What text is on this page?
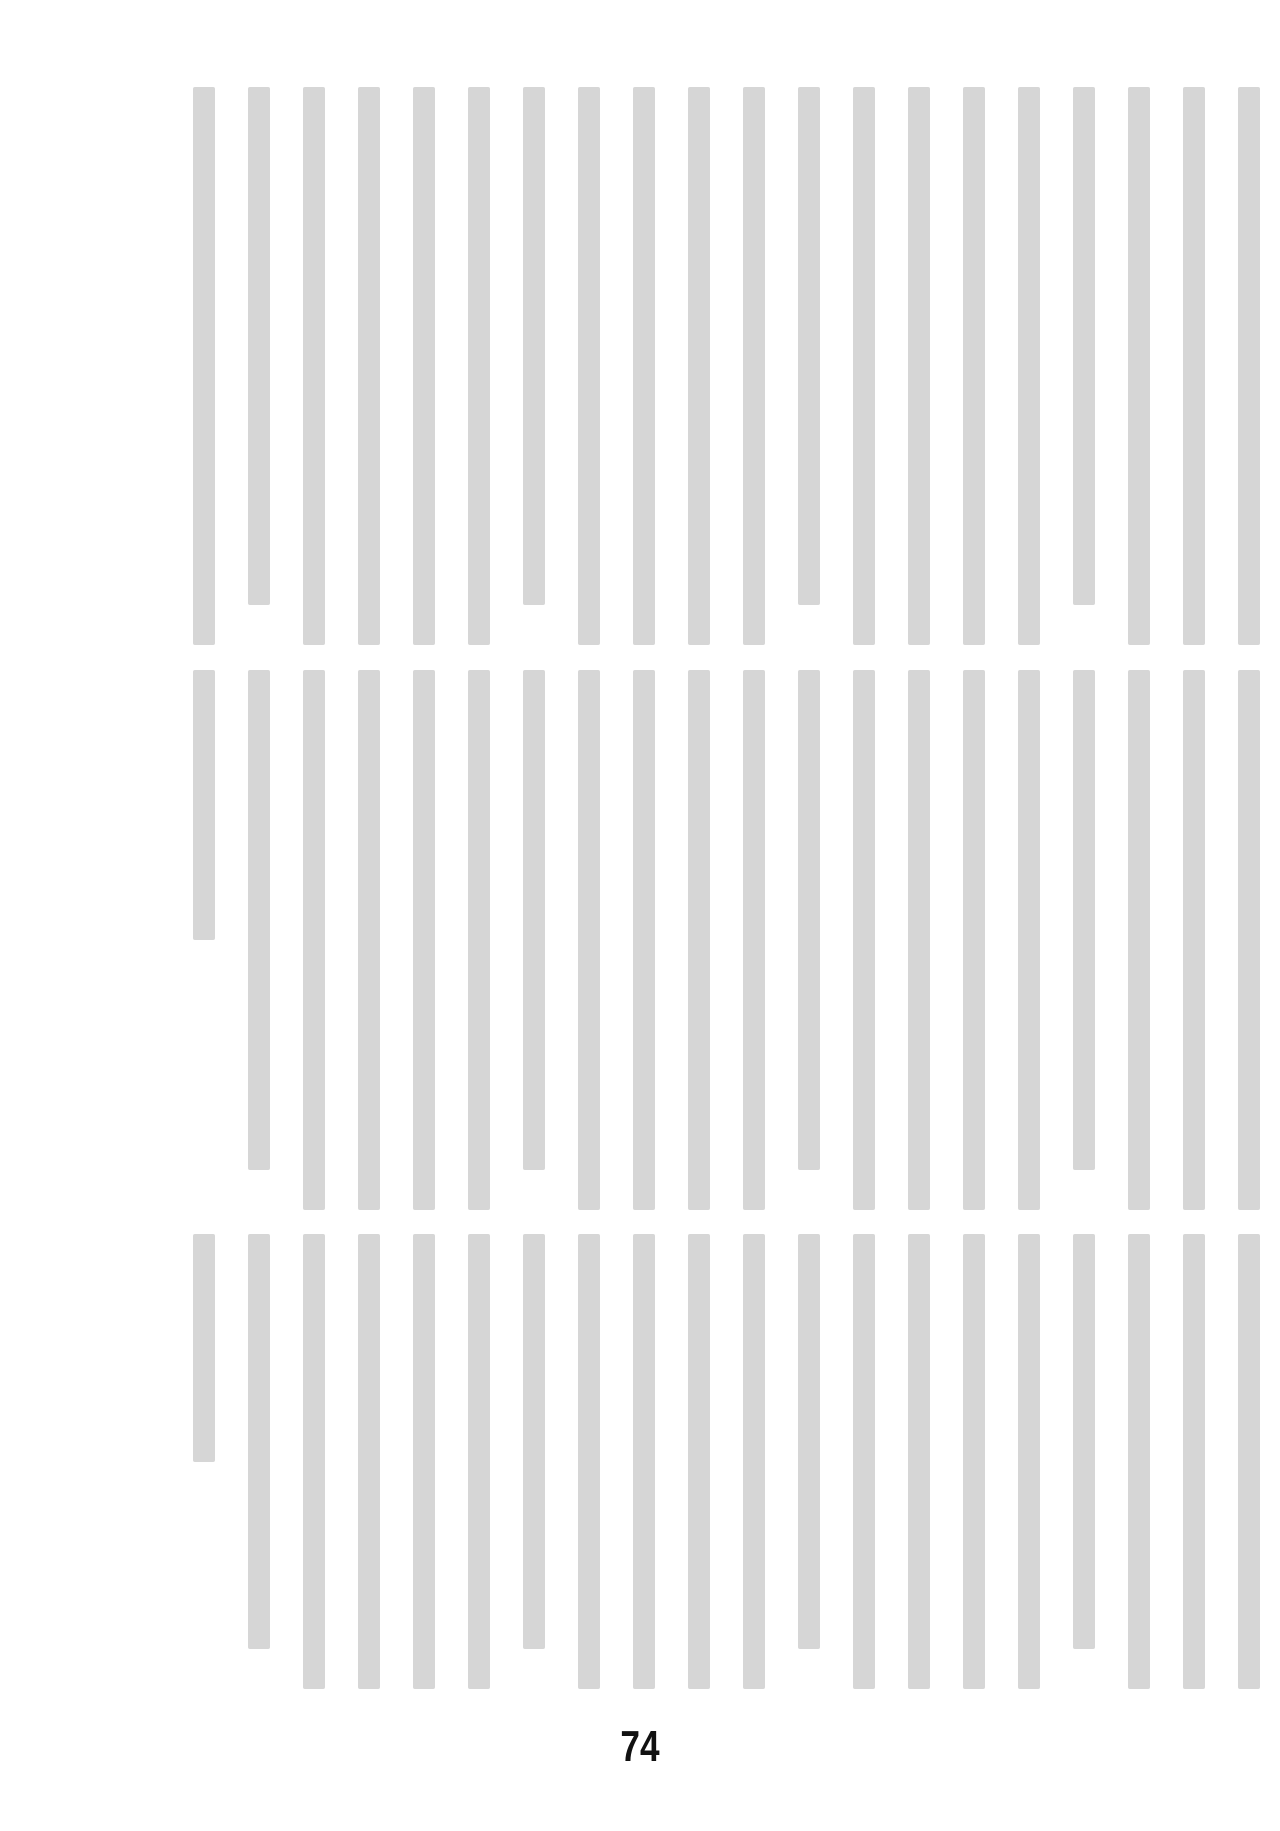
74
